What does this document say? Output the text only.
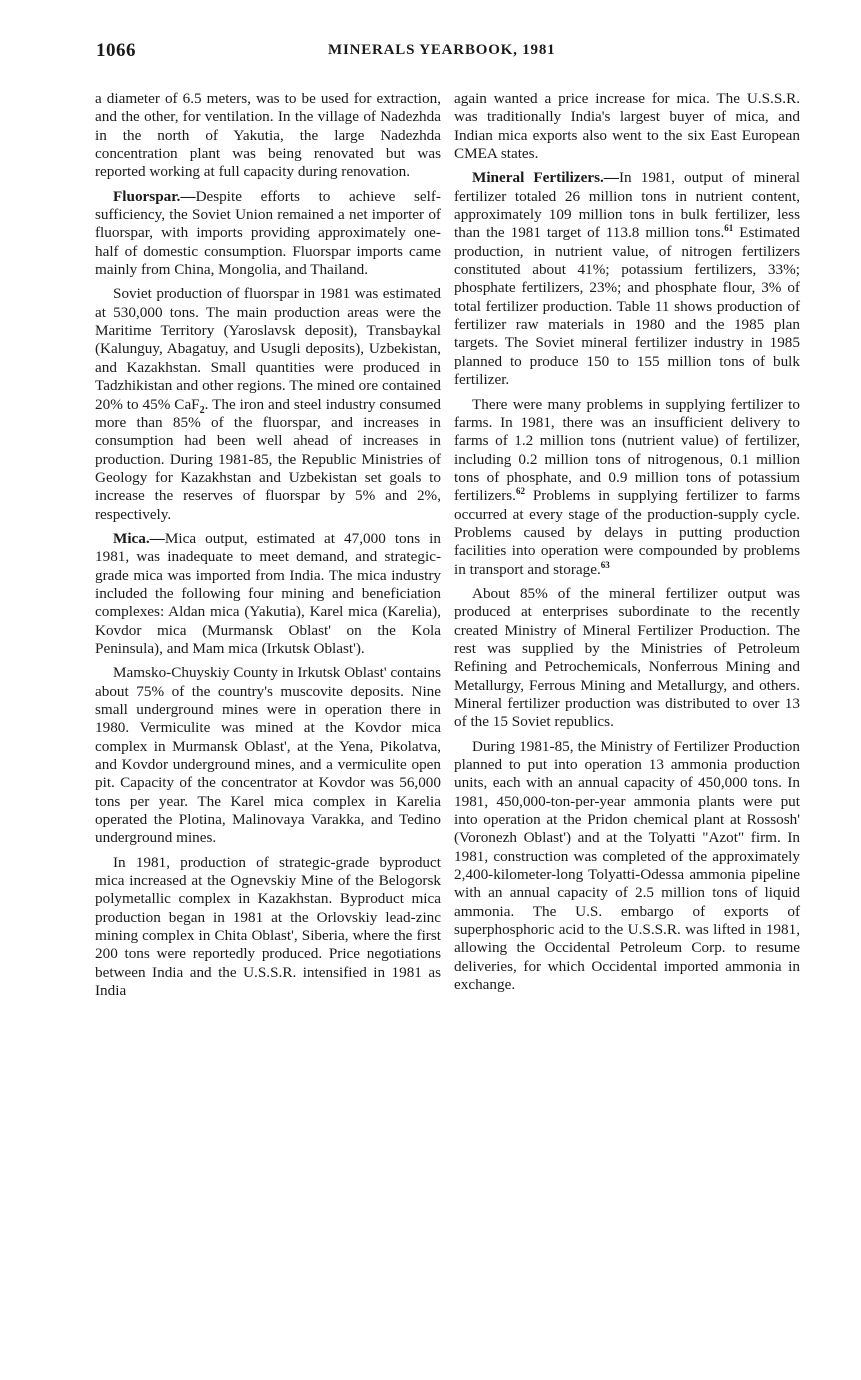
1066	MINERALS YEARBOOK, 1981

a diameter of 6.5 meters, was to be used for extraction, and the other, for ventilation. In the village of Nadezhda in the north of Yakutia, the large Nadezhda concentration plant was being renovated but was reported working at full capacity during renovation.

Fluorspar.—Despite efforts to achieve self-sufficiency, the Soviet Union remained a net importer of fluorspar, with imports providing approximately one-half of domestic consumption. Fluorspar imports came mainly from China, Mongolia, and Thailand.

Soviet production of fluorspar in 1981 was estimated at 530,000 tons. The main production areas were the Maritime Territory (Yaroslavsk deposit), Transbaykal (Kalunguy, Abagatuy, and Usugli deposits), Uzbekistan, and Kazakhstan. Small quantities were produced in Tadzhikistan and other regions. The mined ore contained 20% to 45% CaF$_2$. The iron and steel industry consumed more than 85% of the fluorspar, and increases in consumption had been well ahead of increases in production. During 1981-85, the Republic Ministries of Geology for Kazakhstan and Uzbekistan set goals to increase the reserves of fluorspar by 5% and 2%, respectively.

Mica.—Mica output, estimated at 47,000 tons in 1981, was inadequate to meet demand, and strategic-grade mica was imported from India. The mica industry included the following four mining and beneficiation complexes: Aldan mica (Yakutia), Karel mica (Karelia), Kovdor mica (Murmansk Oblast' on the Kola Peninsula), and Mam mica (Irkutsk Oblast').

Mamsko-Chuyskiy County in Irkutsk Oblast' contains about 75% of the country's muscovite deposits. Nine small underground mines were in operation there in 1980. Vermiculite was mined at the Kovdor mica complex in Murmansk Oblast', at the Yena, Pikolatva, and Kovdor underground mines, and a vermiculite open pit. Capacity of the concentrator at Kovdor was 56,000 tons per year. The Karel mica complex in Karelia operated the Plotina, Malinovaya Varakka, and Tedino underground mines.

In 1981, production of strategic-grade byproduct mica increased at the Ognevskiy Mine of the Belogorsk polymetallic complex in Kazakhstan. Byproduct mica production began in 1981 at the Orlovskiy lead-zinc mining complex in Chita Oblast', Siberia, where the first 200 tons were reportedly produced. Price negotiations between India and the U.S.S.R. intensified in 1981 as India

again wanted a price increase for mica. The U.S.S.R. was traditionally India's largest buyer of mica, and Indian mica exports also went to the six East European CMEA states.

Mineral Fertilizers.—In 1981, output of mineral fertilizer totaled 26 million tons in nutrient content, approximately 109 million tons in bulk fertilizer, less than the 1981 target of 113.8 million tons.$^{61}$ Estimated production, in nutrient value, of nitrogen fertilizers constituted about 41%; potassium fertilizers, 33%; phosphate fertilizers, 23%; and phosphate flour, 3% of total fertilizer production. Table 11 shows production of fertilizer raw materials in 1980 and the 1985 plan targets. The Soviet mineral fertilizer industry in 1985 planned to produce 150 to 155 million tons of bulk fertilizer.

There were many problems in supplying fertilizer to farms. In 1981, there was an insufficient delivery to farms of 1.2 million tons (nutrient value) of fertilizer, including 0.2 million tons of nitrogenous, 0.1 million tons of phosphate, and 0.9 million tons of potassium fertilizers.$^{62}$ Problems in supplying fertilizer to farms occurred at every stage of the production-supply cycle. Problems caused by delays in putting production facilities into operation were compounded by problems in transport and storage.$^{63}$

About 85% of the mineral fertilizer output was produced at enterprises subordinate to the recently created Ministry of Mineral Fertilizer Production. The rest was supplied by the Ministries of Petroleum Refining and Petrochemicals, Nonferrous Mining and Metallurgy, Ferrous Mining and Metallurgy, and others. Mineral fertilizer production was distributed to over 13 of the 15 Soviet republics.

During 1981-85, the Ministry of Fertilizer Production planned to put into operation 13 ammonia production units, each with an annual capacity of 450,000 tons. In 1981, 450,000-ton-per-year ammonia plants were put into operation at the Pridon chemical plant at Rossosh' (Voronezh Oblast') and at the Tolyatti "Azot" firm. In 1981, construction was completed of the approximately 2,400-kilometer-long Tolyatti-Odessa ammonia pipeline with an annual capacity of 2.5 million tons of liquid ammonia. The U.S. embargo of exports of superphosphoric acid to the U.S.S.R. was lifted in 1981, allowing the Occidental Petroleum Corp. to resume deliveries, for which Occidental imported ammonia in exchange.
